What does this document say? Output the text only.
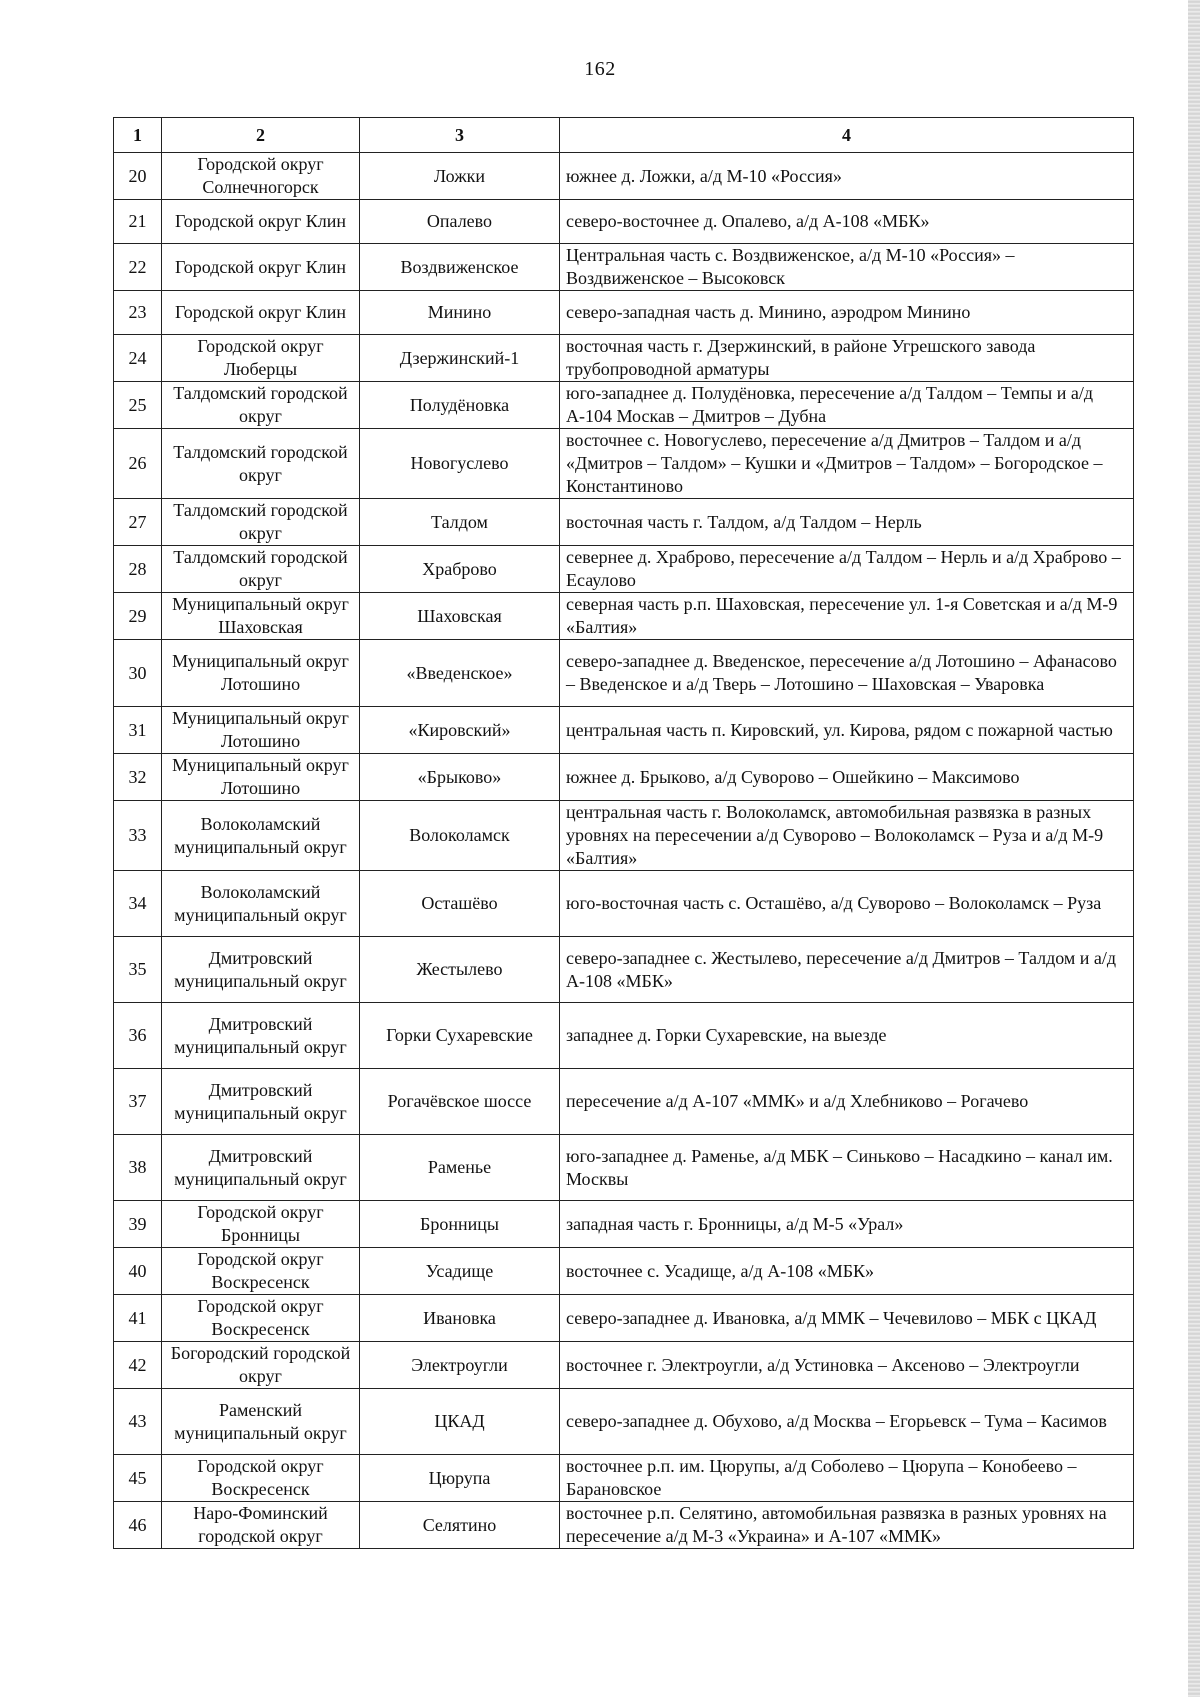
162
1	2	3	4
20	Городской округ Солнечногорск	Ложки	южнее д. Ложки, а/д М-10 «Россия»
21	Городской округ Клин	Опалево	северо-восточнее д. Опалево, а/д А-108 «МБК»
22	Городской округ Клин	Воздвиженское	Центральная часть с. Воздвиженское, а/д М-10 «Россия» – Воздвиженское – Высоковск
23	Городской округ Клин	Минино	северо-западная часть д. Минино, аэродром Минино
24	Городской округ Люберцы	Дзержинский-1	восточная часть г. Дзержинский, в районе Угрешского завода трубопроводной арматуры
25	Талдомский городской округ	Полудёновка	юго-западнее д. Полудёновка, пересечение а/д Талдом – Темпы и а/д А-104 Москав – Дмитров – Дубна
26	Талдомский городской округ	Новогуслево	восточнее с. Новогуслево, пересечение а/д Дмитров – Талдом и а/д «Дмитров – Талдом» – Кушки и «Дмитров – Талдом» – Богородское – Константиново
27	Талдомский городской округ	Талдом	восточная часть г. Талдом, а/д Талдом – Нерль
28	Талдомский городской округ	Храброво	севернее д. Храброво, пересечение а/д Талдом – Нерль и а/д Храброво – Есаулово
29	Муниципальный округ Шаховская	Шаховская	северная часть р.п. Шаховская, пересечение ул. 1-я Советская и а/д М-9 «Балтия»
30	Муниципальный округ Лотошино	«Введенское»	северо-западнее д. Введенское, пересечение а/д Лотошино – Афанасово – Введенское и а/д Тверь – Лотошино – Шаховская – Уваровка
31	Муниципальный округ Лотошино	«Кировский»	центральная часть п. Кировский, ул. Кирова, рядом с пожарной частью
32	Муниципальный округ Лотошино	«Брыково»	южнее д. Брыково, а/д Суворово – Ошейкино – Максимово
33	Волоколамский муниципальный округ	Волоколамск	центральная часть г. Волоколамск, автомобильная развязка в разных уровнях на пересечении а/д Суворово – Волоколамск – Руза и а/д М-9 «Балтия»
34	Волоколамский муниципальный округ	Осташёво	юго-восточная часть с. Осташёво, а/д Суворово – Волоколамск – Руза
35	Дмитровский муниципальный округ	Жестылево	северо-западнее с. Жестылево, пересечение а/д Дмитров – Талдом и а/д А-108 «МБК»
36	Дмитровский муниципальный округ	Горки Сухаревские	западнее д. Горки Сухаревские, на выезде
37	Дмитровский муниципальный округ	Рогачёвское шоссе	пересечение а/д А-107 «ММК» и а/д Хлебниково – Рогачево
38	Дмитровский муниципальный округ	Раменье	юго-западнее д. Раменье, а/д МБК – Синьково – Насадкино – канал им. Москвы
39	Городской округ Бронницы	Бронницы	западная часть г. Бронницы, а/д М-5 «Урал»
40	Городской округ Воскресенск	Усадище	восточнее с. Усадище, а/д А-108 «МБК»
41	Городской округ Воскресенск	Ивановка	северо-западнее д. Ивановка, а/д ММК – Чечевилово – МБК с ЦКАД
42	Богородский городской округ	Электроугли	восточнее г. Электроугли, а/д Устиновка – Аксеново – Электроугли
43	Раменский муниципальный округ	ЦКАД	северо-западнее д. Обухово, а/д Москва – Егорьевск – Тума – Касимов
45	Городской округ Воскресенск	Цюрупа	восточнее р.п. им. Цюрупы, а/д Соболево – Цюрупа – Конобеево – Барановское
46	Наро-Фоминский городской округ	Селятино	восточнее р.п. Селятино, автомобильная развязка в разных уровнях на пересечение а/д М-3 «Украина» и А-107 «ММК»
